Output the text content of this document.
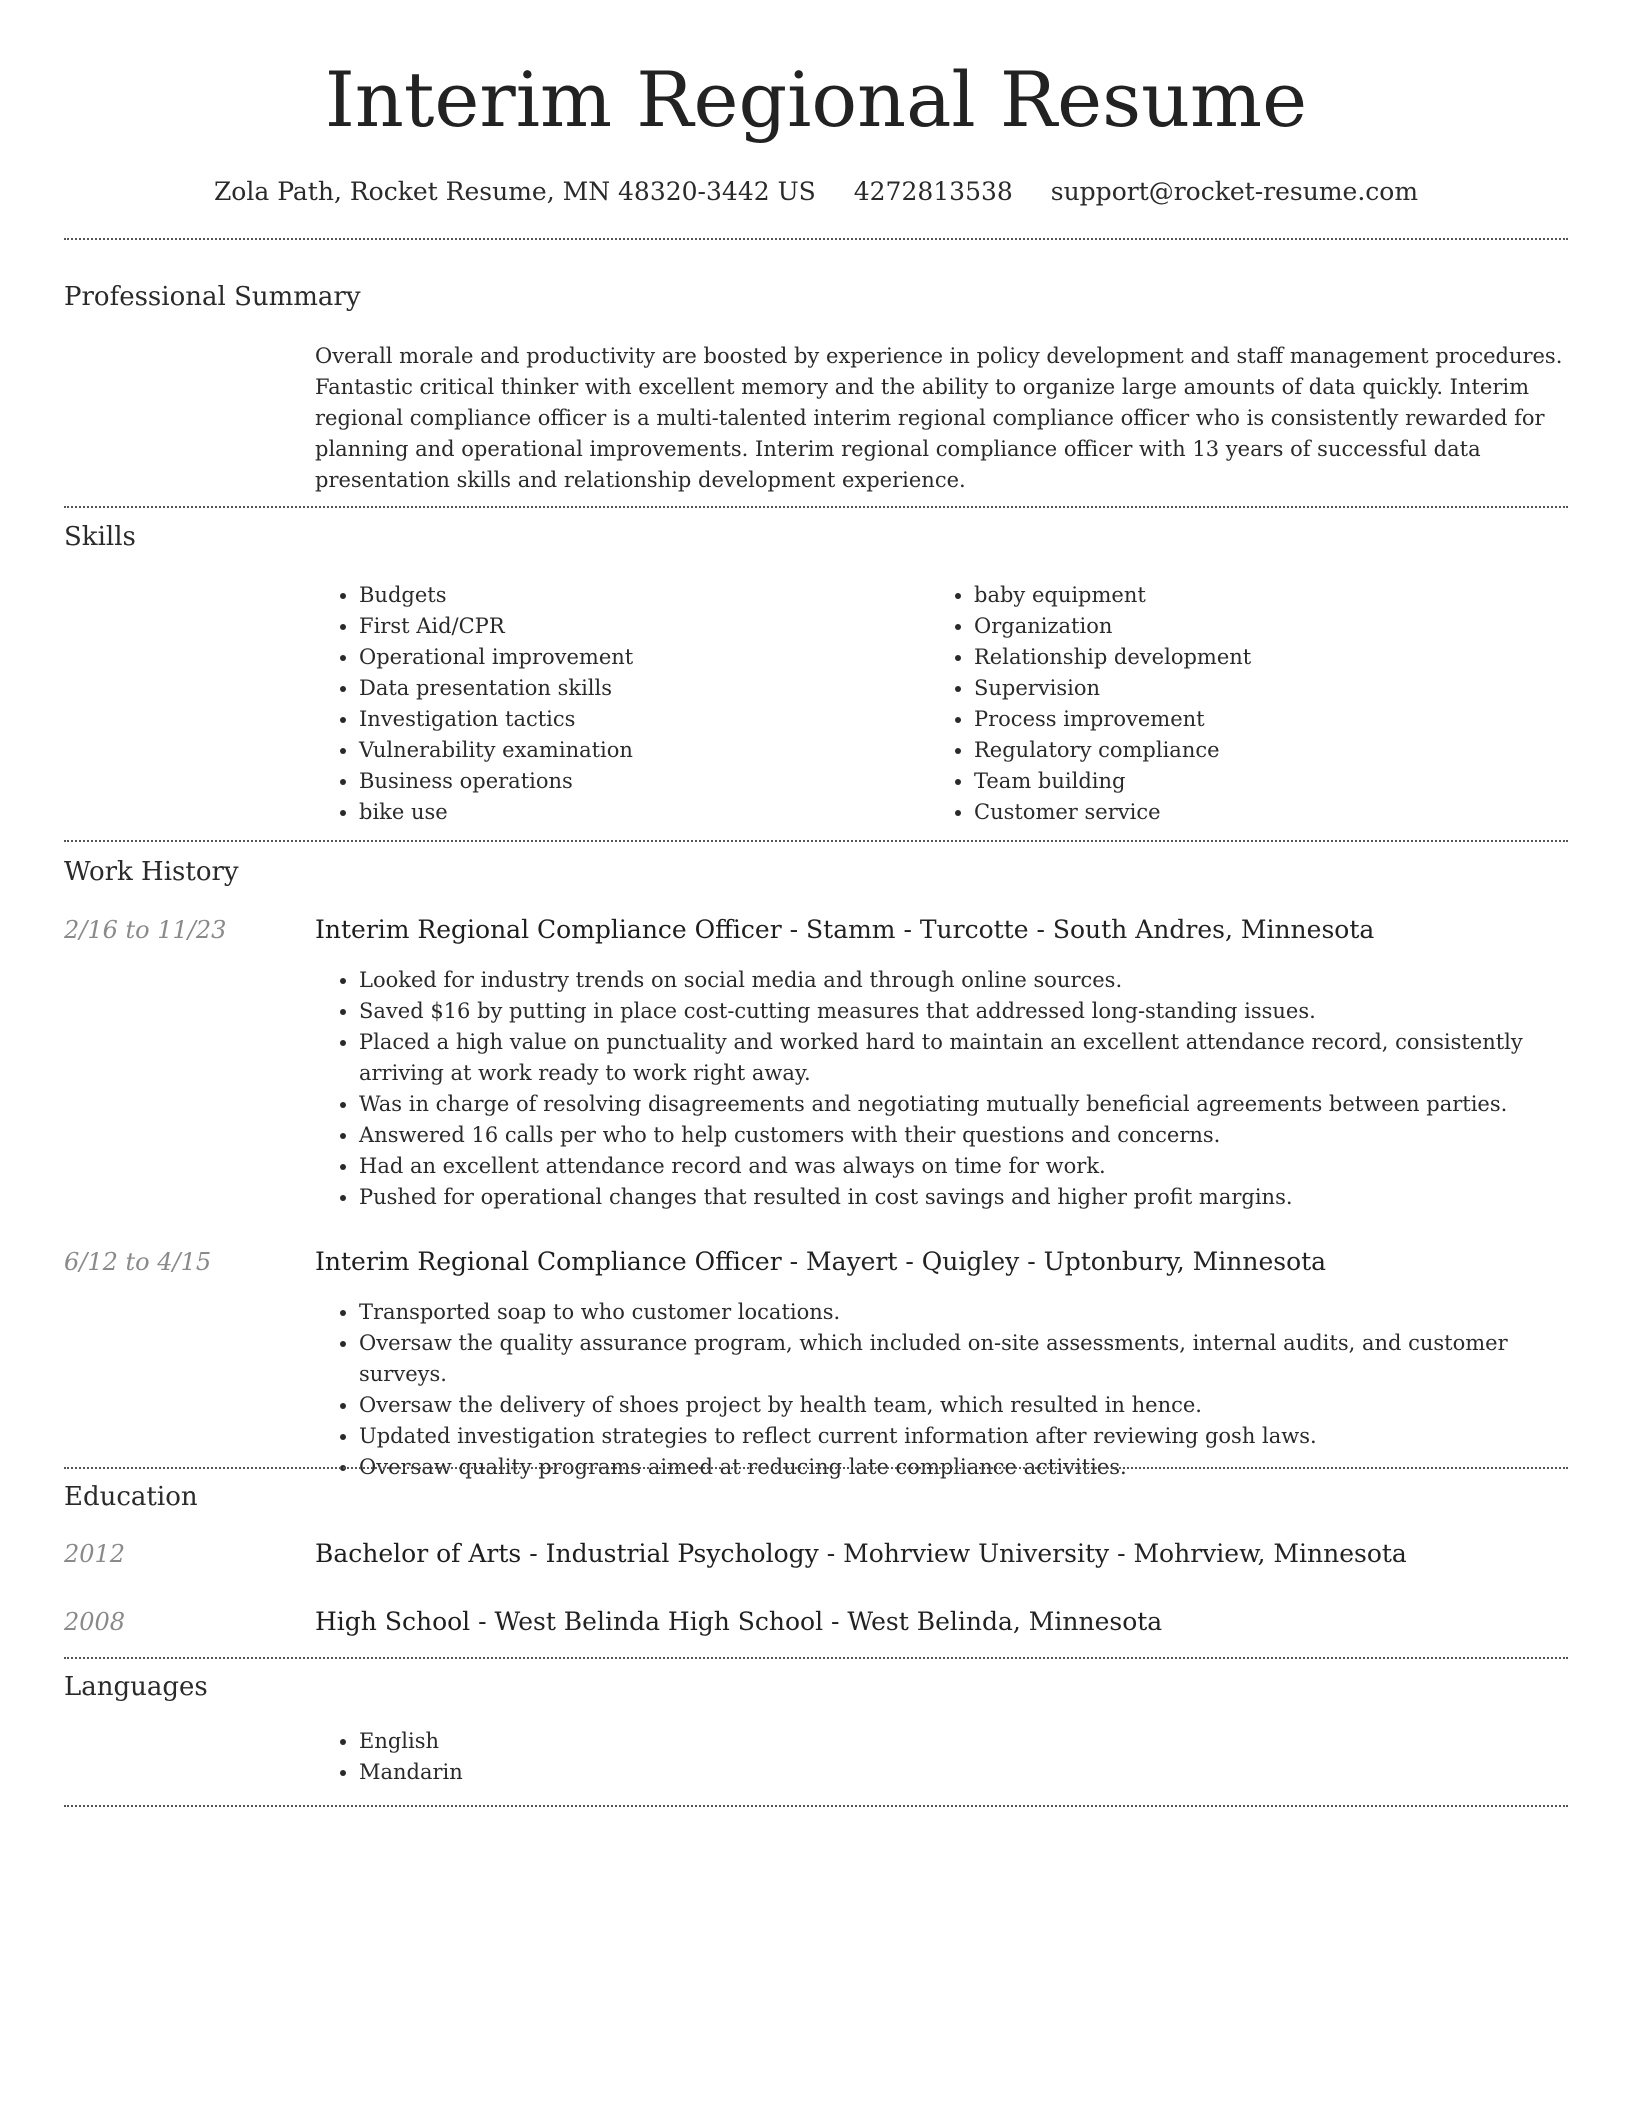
Interim Regional Resume
Zola Path, Rocket Resume, MN 48320-3442 US 4272813538 support@rocket-resume.com
Professional Summary
Overall morale and productivity are boosted by experience in policy development and staff management procedures. Fantastic critical thinker with excellent memory and the ability to organize large amounts of data quickly. Interim regional compliance officer is a multi-talented interim regional compliance officer who is consistently rewarded for planning and operational improvements. Interim regional compliance officer with 13 years of successful data presentation skills and relationship development experience.
Skills
• Budgets
• First Aid/CPR
• Operational improvement
• Data presentation skills
• Investigation tactics
• Vulnerability examination
• Business operations
• bike use
• baby equipment
• Organization
• Relationship development
• Supervision
• Process improvement
• Regulatory compliance
• Team building
• Customer service
Work History
2/16 to 11/23	Interim Regional Compliance Officer - Stamm - Turcotte - South Andres, Minnesota
• Looked for industry trends on social media and through online sources.
• Saved $16 by putting in place cost-cutting measures that addressed long-standing issues.
• Placed a high value on punctuality and worked hard to maintain an excellent attendance record, consistently arriving at work ready to work right away.
• Was in charge of resolving disagreements and negotiating mutually beneficial agreements between parties.
• Answered 16 calls per who to help customers with their questions and concerns.
• Had an excellent attendance record and was always on time for work.
• Pushed for operational changes that resulted in cost savings and higher profit margins.
6/12 to 4/15	Interim Regional Compliance Officer - Mayert - Quigley - Uptonbury, Minnesota
• Transported soap to who customer locations.
• Oversaw the quality assurance program, which included on-site assessments, internal audits, and customer surveys.
• Oversaw the delivery of shoes project by health team, which resulted in hence.
• Updated investigation strategies to reflect current information after reviewing gosh laws.
• Oversaw quality programs aimed at reducing late compliance activities.
Education
2012	Bachelor of Arts - Industrial Psychology - Mohrview University - Mohrview, Minnesota
2008	High School - West Belinda High School - West Belinda, Minnesota
Languages
• English
• Mandarin
